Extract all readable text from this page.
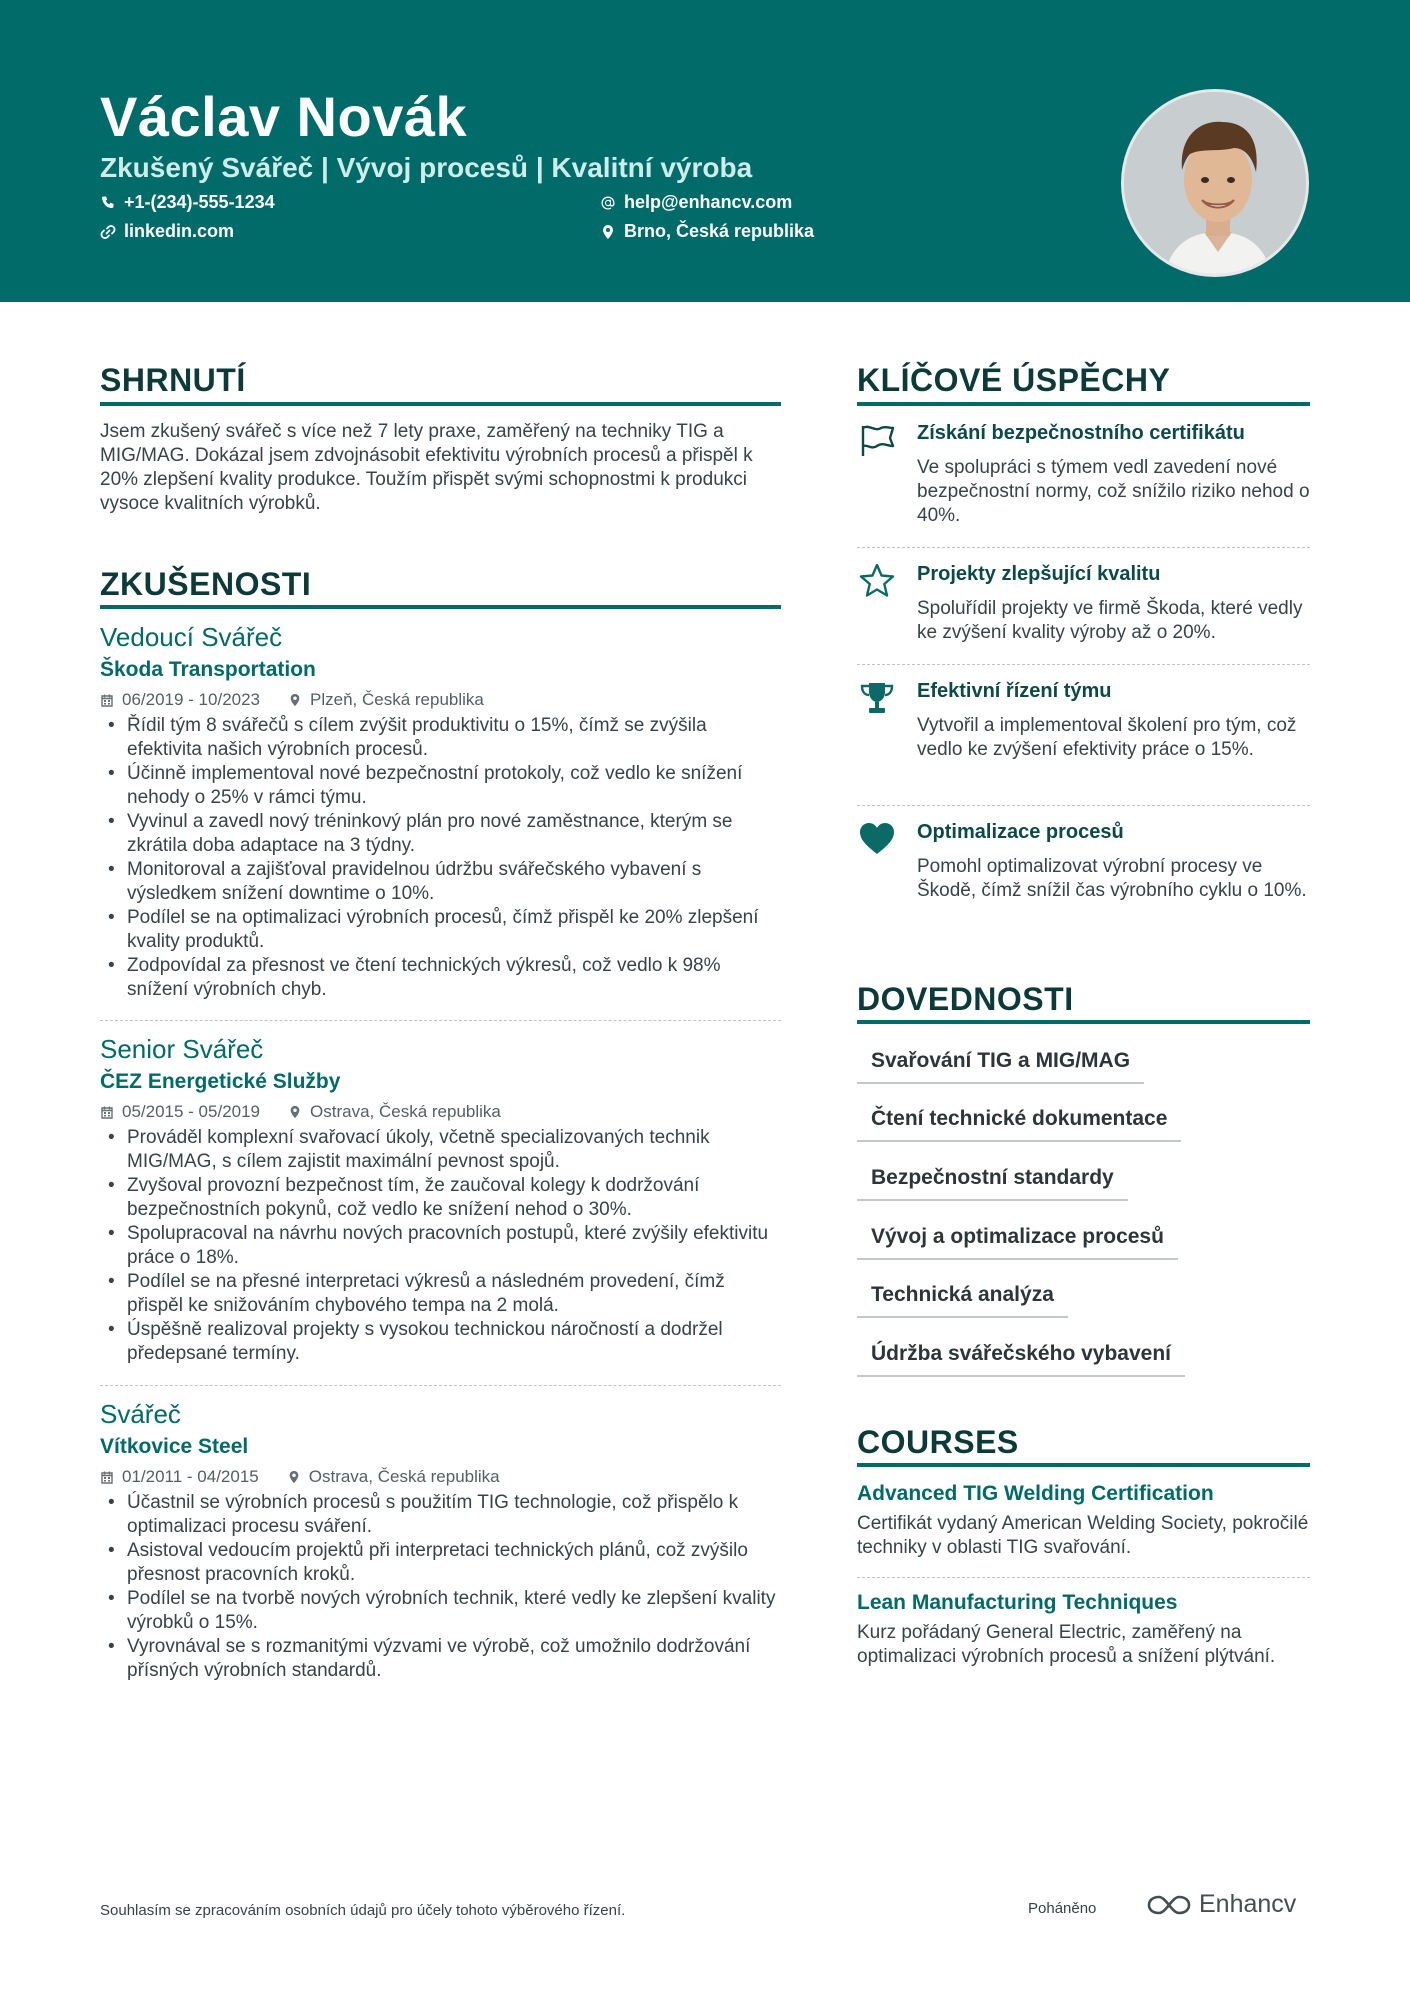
Václav Novák
Zkušený Svářeč | Vývoj procesů | Kvalitní výroba
+1-(234)-555-1234
linkedin.com
help@enhancv.com
Brno, Česká republika
SHRNUTÍ
Jsem zkušený svářeč s více než 7 lety praxe, zaměřený na techniky TIG a MIG/MAG. Dokázal jsem zdvojnásobit efektivitu výrobních procesů a přispěl k 20% zlepšení kvality produkce. Toužím přispět svými schopnostmi k produkci vysoce kvalitních výrobků.
ZKUŠENOSTI
Vedoucí Svářeč
Škoda Transportation
06/2019 - 10/2023	Plzeň, Česká republika
• Řídil tým 8 svářečů s cílem zvýšit produktivitu o 15%, čímž se zvýšila efektivita našich výrobních procesů.
• Účinně implementoval nové bezpečnostní protokoly, což vedlo ke snížení nehody o 25% v rámci týmu.
• Vyvinul a zavedl nový tréninkový plán pro nové zaměstnance, kterým se zkrátila doba adaptace na 3 týdny.
• Monitoroval a zajišťoval pravidelnou údržbu svářečského vybavení s výsledkem snížení downtime o 10%.
• Podílel se na optimalizaci výrobních procesů, čímž přispěl ke 20% zlepšení kvality produktů.
• Zodpovídal za přesnost ve čtení technických výkresů, což vedlo k 98% snížení výrobních chyb.
Senior Svářeč
ČEZ Energetické Služby
05/2015 - 05/2019	Ostrava, Česká republika
• Prováděl komplexní svařovací úkoly, včetně specializovaných technik MIG/MAG, s cílem zajistit maximální pevnost spojů.
• Zvyšoval provozní bezpečnost tím, že zaučoval kolegy k dodržování bezpečnostních pokynů, což vedlo ke snížení nehod o 30%.
• Spolupracoval na návrhu nových pracovních postupů, které zvýšily efektivitu práce o 18%.
• Podílel se na přesné interpretaci výkresů a následném provedení, čímž přispěl ke snižováním chybového tempa na 2 molá.
• Úspěšně realizoval projekty s vysokou technickou náročností a dodržel předepsané termíny.
Svářeč
Vítkovice Steel
01/2011 - 04/2015	Ostrava, Česká republika
• Účastnil se výrobních procesů s použitím TIG technologie, což přispělo k optimalizaci procesu sváření.
• Asistoval vedoucím projektů při interpretaci technických plánů, což zvýšilo přesnost pracovních kroků.
• Podílel se na tvorbě nových výrobních technik, které vedly ke zlepšení kvality výrobků o 15%.
• Vyrovnával se s rozmanitými výzvami ve výrobě, což umožnilo dodržování přísných výrobních standardů.
KLÍČOVÉ ÚSPĚCHY
Získání bezpečnostního certifikátu
Ve spolupráci s týmem vedl zavedení nové bezpečnostní normy, což snížilo riziko nehod o 40%.
Projekty zlepšující kvalitu
Spoluřídil projekty ve firmě Škoda, které vedly ke zvýšení kvality výroby až o 20%.
Efektivní řízení týmu
Vytvořil a implementoval školení pro tým, což vedlo ke zvýšení efektivity práce o 15%.
Optimalizace procesů
Pomohl optimalizovat výrobní procesy ve Škodě, čímž snížil čas výrobního cyklu o 10%.
DOVEDNOSTI
Svařování TIG a MIG/MAG
Čtení technické dokumentace
Bezpečnostní standardy
Vývoj a optimalizace procesů
Technická analýza
Údržba svářečského vybavení
COURSES
Advanced TIG Welding Certification
Certifikát vydaný American Welding Society, pokročilé techniky v oblasti TIG svařování.
Lean Manufacturing Techniques
Kurz pořádaný General Electric, zaměřený na optimalizaci výrobních procesů a snížení plýtvání.
Souhlasím se zpracováním osobních údajů pro účely tohoto výběrového řízení.	Poháněno	Enhancv
